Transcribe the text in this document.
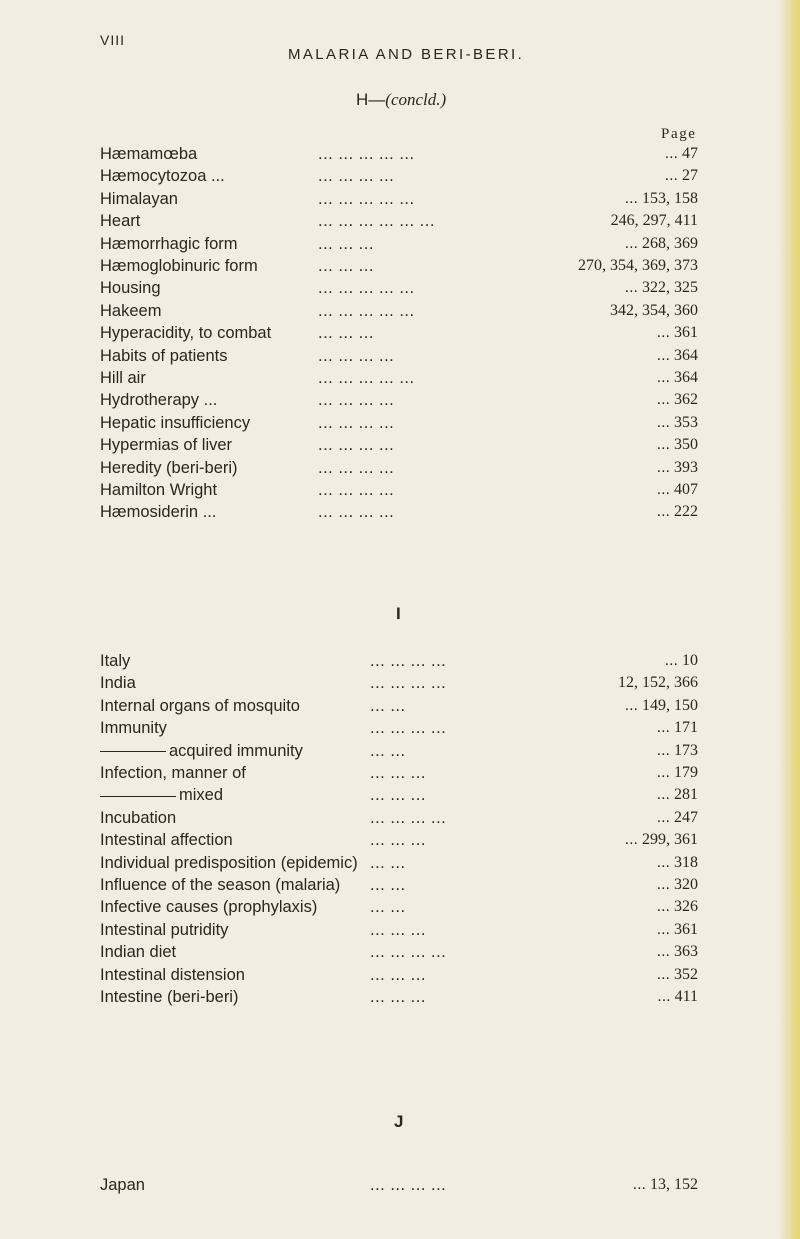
VIII
MALARIA AND BERI-BERI.
H—(concld.)
Page
Hæmamœba	... ... ... ... ...	... 47
Hæmocytozoa ...	... ... ... ...	... 27
Himalayan	... ... ... ... ...	... 153, 158
Heart	... ... ... ... ... ...	246, 297, 411
Hæmorrhagic form	... ... ...	... 268, 369
Hæmoglobinuric form	... ... ...	270, 354, 369, 373
Housing	... ... ... ... ...	... 322, 325
Hakeem	... ... ... ... ...	342, 354, 360
Hyperacidity, to combat	... ... ...	... 361
Habits of patients	... ... ... ...	... 364
Hill air	... ... ... ... ...	... 364
Hydrotherapy ...	... ... ... ...	... 362
Hepatic insufficiency	... ... ... ...	... 353
Hypermias of liver	... ... ... ...	... 350
Heredity (beri-beri)	... ... ... ...	... 393
Hamilton Wright	... ... ... ...	... 407
Hæmosiderin ...	... ... ... ...	... 222
I
Italy	... ... ... ...	... 10
India	... ... ... ...	12, 152, 366
Internal organs of mosquito	... ...	... 149, 150
Immunity	... ... ... ...	... 171
acquired immunity	... ...	... 173
Infection, manner of	... ... ...	... 179
mixed	... ... ...	... 281
Incubation	... ... ... ...	... 247
Intestinal affection	... ... ...	... 299, 361
Individual predisposition (epidemic) ... ...	... 318
Influence of the season (malaria) ... ...	... 320
Infective causes (prophylaxis)	... ...	... 326
Intestinal putridity	... ... ...	... 361
Indian diet	... ... ... ...	... 363
Intestinal distension	... ... ...	... 352
Intestine (beri-beri)	... ... ...	... 411
J
Japan	... ... ... ...	... 13, 152
